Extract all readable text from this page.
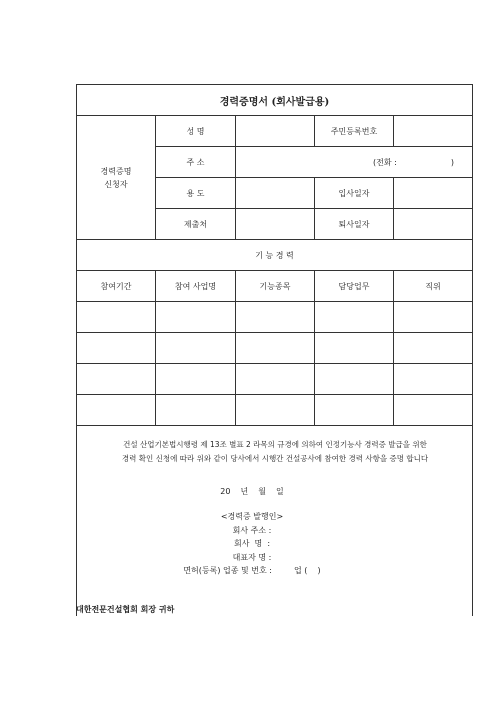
경력증명서 (회사발급용)				

경력증명
신청자	성 명		주민등록번호	
	주 소	(전화 : )		
	용 도		입사일자	
	제출처		퇴사일자	
기 능 경 력				
참여기간	참여 사업명	기능종목	담당업무	직위

건설 산업기본법시행령 제 13조 별표 2 라목의 규경에 의하여 인정기능사 경력증 발급을 위한
경력 확인 신청에 따라 위와 같이 당사에서 시행간 건설공사에 참여한 경력 사항을 증명 합니다
20 년 월 일
<경력증 발행인>
회사 주소 :
회사  명  :
대표자 명 :
면허(등록) 업종 및 번호 :	업 (    )
대한전문건설협회 회장 귀하
